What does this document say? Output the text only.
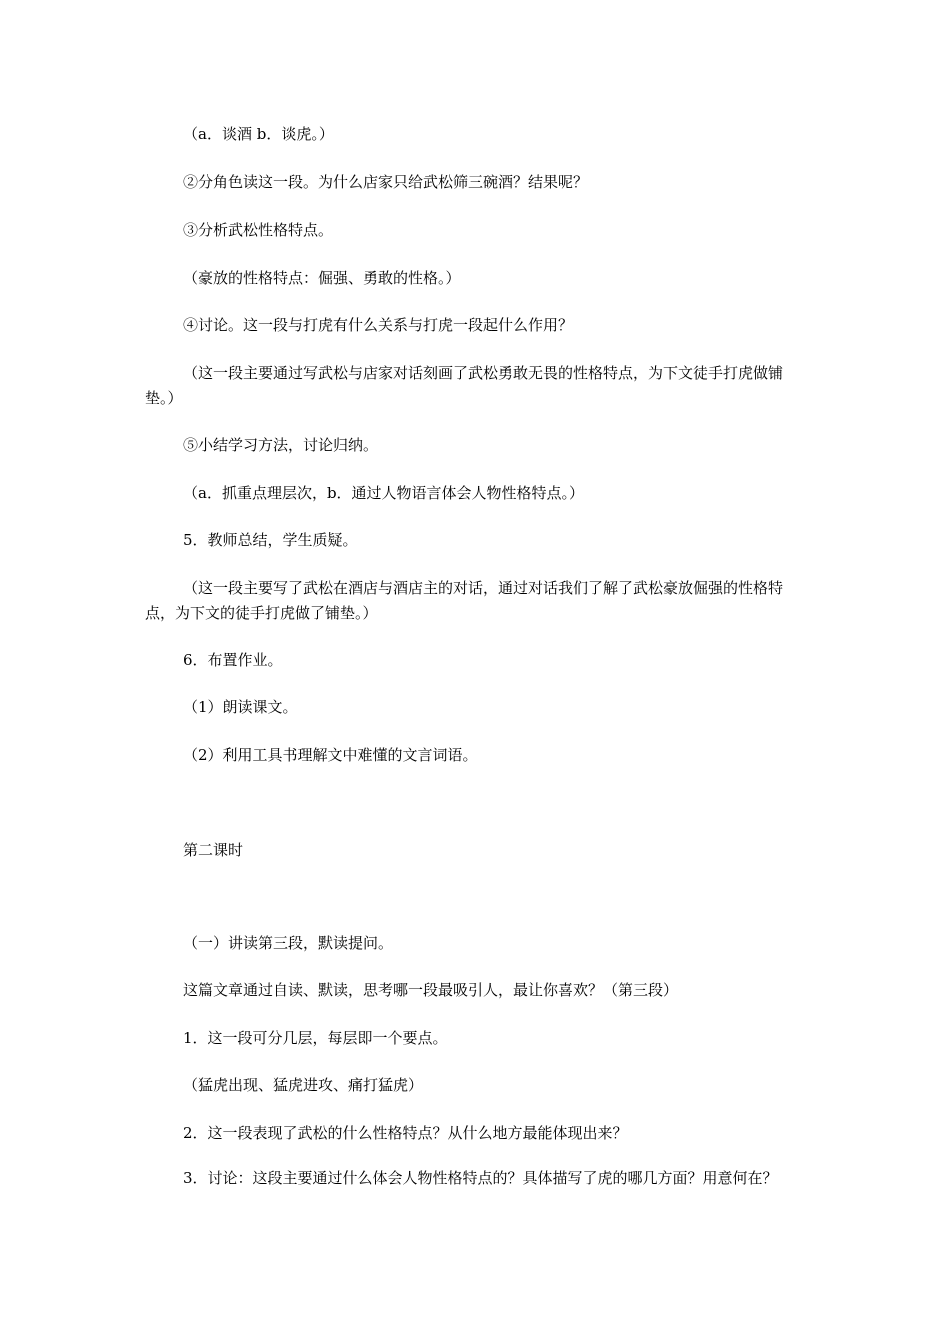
（a．谈酒 b．谈虎。）

②分角色读这一段。为什么店家只给武松筛三碗酒？结果呢？

③分析武松性格特点。

（豪放的性格特点：倔强、勇敢的性格。）

④讨论。这一段与打虎有什么关系与打虎一段起什么作用？

（这一段主要通过写武松与店家对话刻画了武松勇敢无畏的性格特点，为下文徒手打虎做铺垫。）

⑤小结学习方法，讨论归纳。

（a．抓重点理层次，b．通过人物语言体会人物性格特点。）

5．教师总结，学生质疑。

（这一段主要写了武松在酒店与酒店主的对话，通过对话我们了解了武松豪放倔强的性格特点，为下文的徒手打虎做了铺垫。）

6．布置作业。

（1）朗读课文。

（2）利用工具书理解文中难懂的文言词语。

第二课时

（一）讲读第三段，默读提问。

这篇文章通过自读、默读，思考哪一段最吸引人，最让你喜欢？（第三段）

1．这一段可分几层，每层即一个要点。

（猛虎出现、猛虎进攻、痛打猛虎）

2．这一段表现了武松的什么性格特点？从什么地方最能体现出来？

3．讨论：这段主要通过什么体会人物性格特点的？具体描写了虎的哪几方面？用意何在？
